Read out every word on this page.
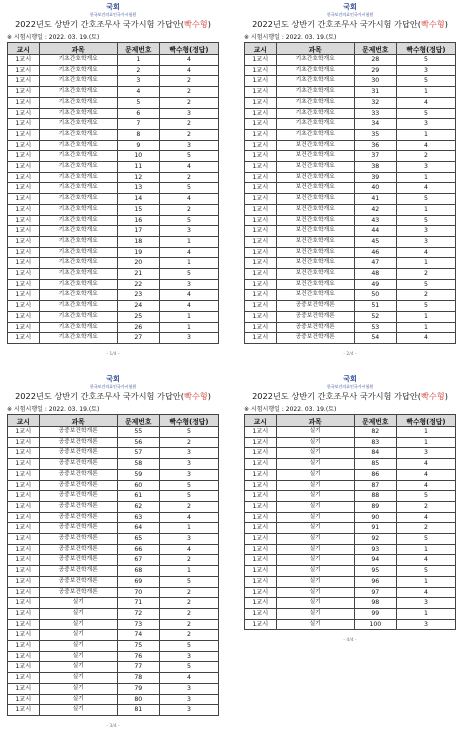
국회
한국보건의료인국가시험원
2022년도 상반기 간호조무사 국가시험 가답안(빡수형)
※ 시험시행일 : 2022. 03. 19.(토)
교시	과목	문제번호	빡수형(정답)
1교시	기초간호학개요	1	4
1교시	기초간호학개요	2	4
1교시	기초간호학개요	3	2
1교시	기초간호학개요	4	2
1교시	기초간호학개요	5	2
1교시	기초간호학개요	6	3
1교시	기초간호학개요	7	2
1교시	기초간호학개요	8	2
1교시	기초간호학개요	9	3
1교시	기초간호학개요	10	5
1교시	기초간호학개요	11	4
1교시	기초간호학개요	12	2
1교시	기초간호학개요	13	5
1교시	기초간호학개요	14	4
1교시	기초간호학개요	15	2
1교시	기초간호학개요	16	5
1교시	기초간호학개요	17	3
1교시	기초간호학개요	18	1
1교시	기초간호학개요	19	4
1교시	기초간호학개요	20	1
1교시	기초간호학개요	21	5
1교시	기초간호학개요	22	3
1교시	기초간호학개요	23	4
1교시	기초간호학개요	24	4
1교시	기초간호학개요	25	1
1교시	기초간호학개요	26	1
1교시	기초간호학개요	27	3
- 1/4 -
국회
한국보건의료인국가시험원
2022년도 상반기 간호조무사 국가시험 가답안(빡수형)
※ 시험시행일 : 2022. 03. 19.(토)
교시	과목	문제번호	빡수형(정답)
1교시	기초간호학개요	28	5
1교시	기초간호학개요	29	3
1교시	기초간호학개요	30	5
1교시	기초간호학개요	31	1
1교시	기초간호학개요	32	4
1교시	기초간호학개요	33	5
1교시	기초간호학개요	34	3
1교시	기초간호학개요	35	1
1교시	보건간호학개요	36	4
1교시	보건간호학개요	37	2
1교시	보건간호학개요	38	3
1교시	보건간호학개요	39	1
1교시	보건간호학개요	40	4
1교시	보건간호학개요	41	5
1교시	보건간호학개요	42	1
1교시	보건간호학개요	43	5
1교시	보건간호학개요	44	3
1교시	보건간호학개요	45	3
1교시	보건간호학개요	46	4
1교시	보건간호학개요	47	1
1교시	보건간호학개요	48	2
1교시	보건간호학개요	49	5
1교시	보건간호학개요	50	2
1교시	공중보건학개론	51	5
1교시	공중보건학개론	52	1
1교시	공중보건학개론	53	1
1교시	공중보건학개론	54	4
- 2/4 -
국회
한국보건의료인국가시험원
2022년도 상반기 간호조무사 국가시험 가답안(빡수형)
※ 시험시행일 : 2022. 03. 19.(토)
교시	과목	문제번호	빡수형(정답)
1교시	공중보건학개론	55	5
1교시	공중보건학개론	56	2
1교시	공중보건학개론	57	3
1교시	공중보건학개론	58	3
1교시	공중보건학개론	59	3
1교시	공중보건학개론	60	5
1교시	공중보건학개론	61	5
1교시	공중보건학개론	62	2
1교시	공중보건학개론	63	4
1교시	공중보건학개론	64	1
1교시	공중보건학개론	65	3
1교시	공중보건학개론	66	4
1교시	공중보건학개론	67	2
1교시	공중보건학개론	68	1
1교시	공중보건학개론	69	5
1교시	공중보건학개론	70	2
1교시	실기	71	2
1교시	실기	72	2
1교시	실기	73	2
1교시	실기	74	2
1교시	실기	75	5
1교시	실기	76	3
1교시	실기	77	5
1교시	실기	78	4
1교시	실기	79	3
1교시	실기	80	3
1교시	실기	81	3
- 3/4 -
국회
한국보건의료인국가시험원
2022년도 상반기 간호조무사 국가시험 가답안(빡수형)
※ 시험시행일 : 2022. 03. 19.(토)
교시	과목	문제번호	빡수형(정답)
1교시	실기	82	1
1교시	실기	83	1
1교시	실기	84	3
1교시	실기	85	4
1교시	실기	86	4
1교시	실기	87	4
1교시	실기	88	5
1교시	실기	89	2
1교시	실기	90	4
1교시	실기	91	2
1교시	실기	92	5
1교시	실기	93	1
1교시	실기	94	4
1교시	실기	95	5
1교시	실기	96	1
1교시	실기	97	4
1교시	실기	98	3
1교시	실기	99	1
1교시	실기	100	3
- 4/4 -
